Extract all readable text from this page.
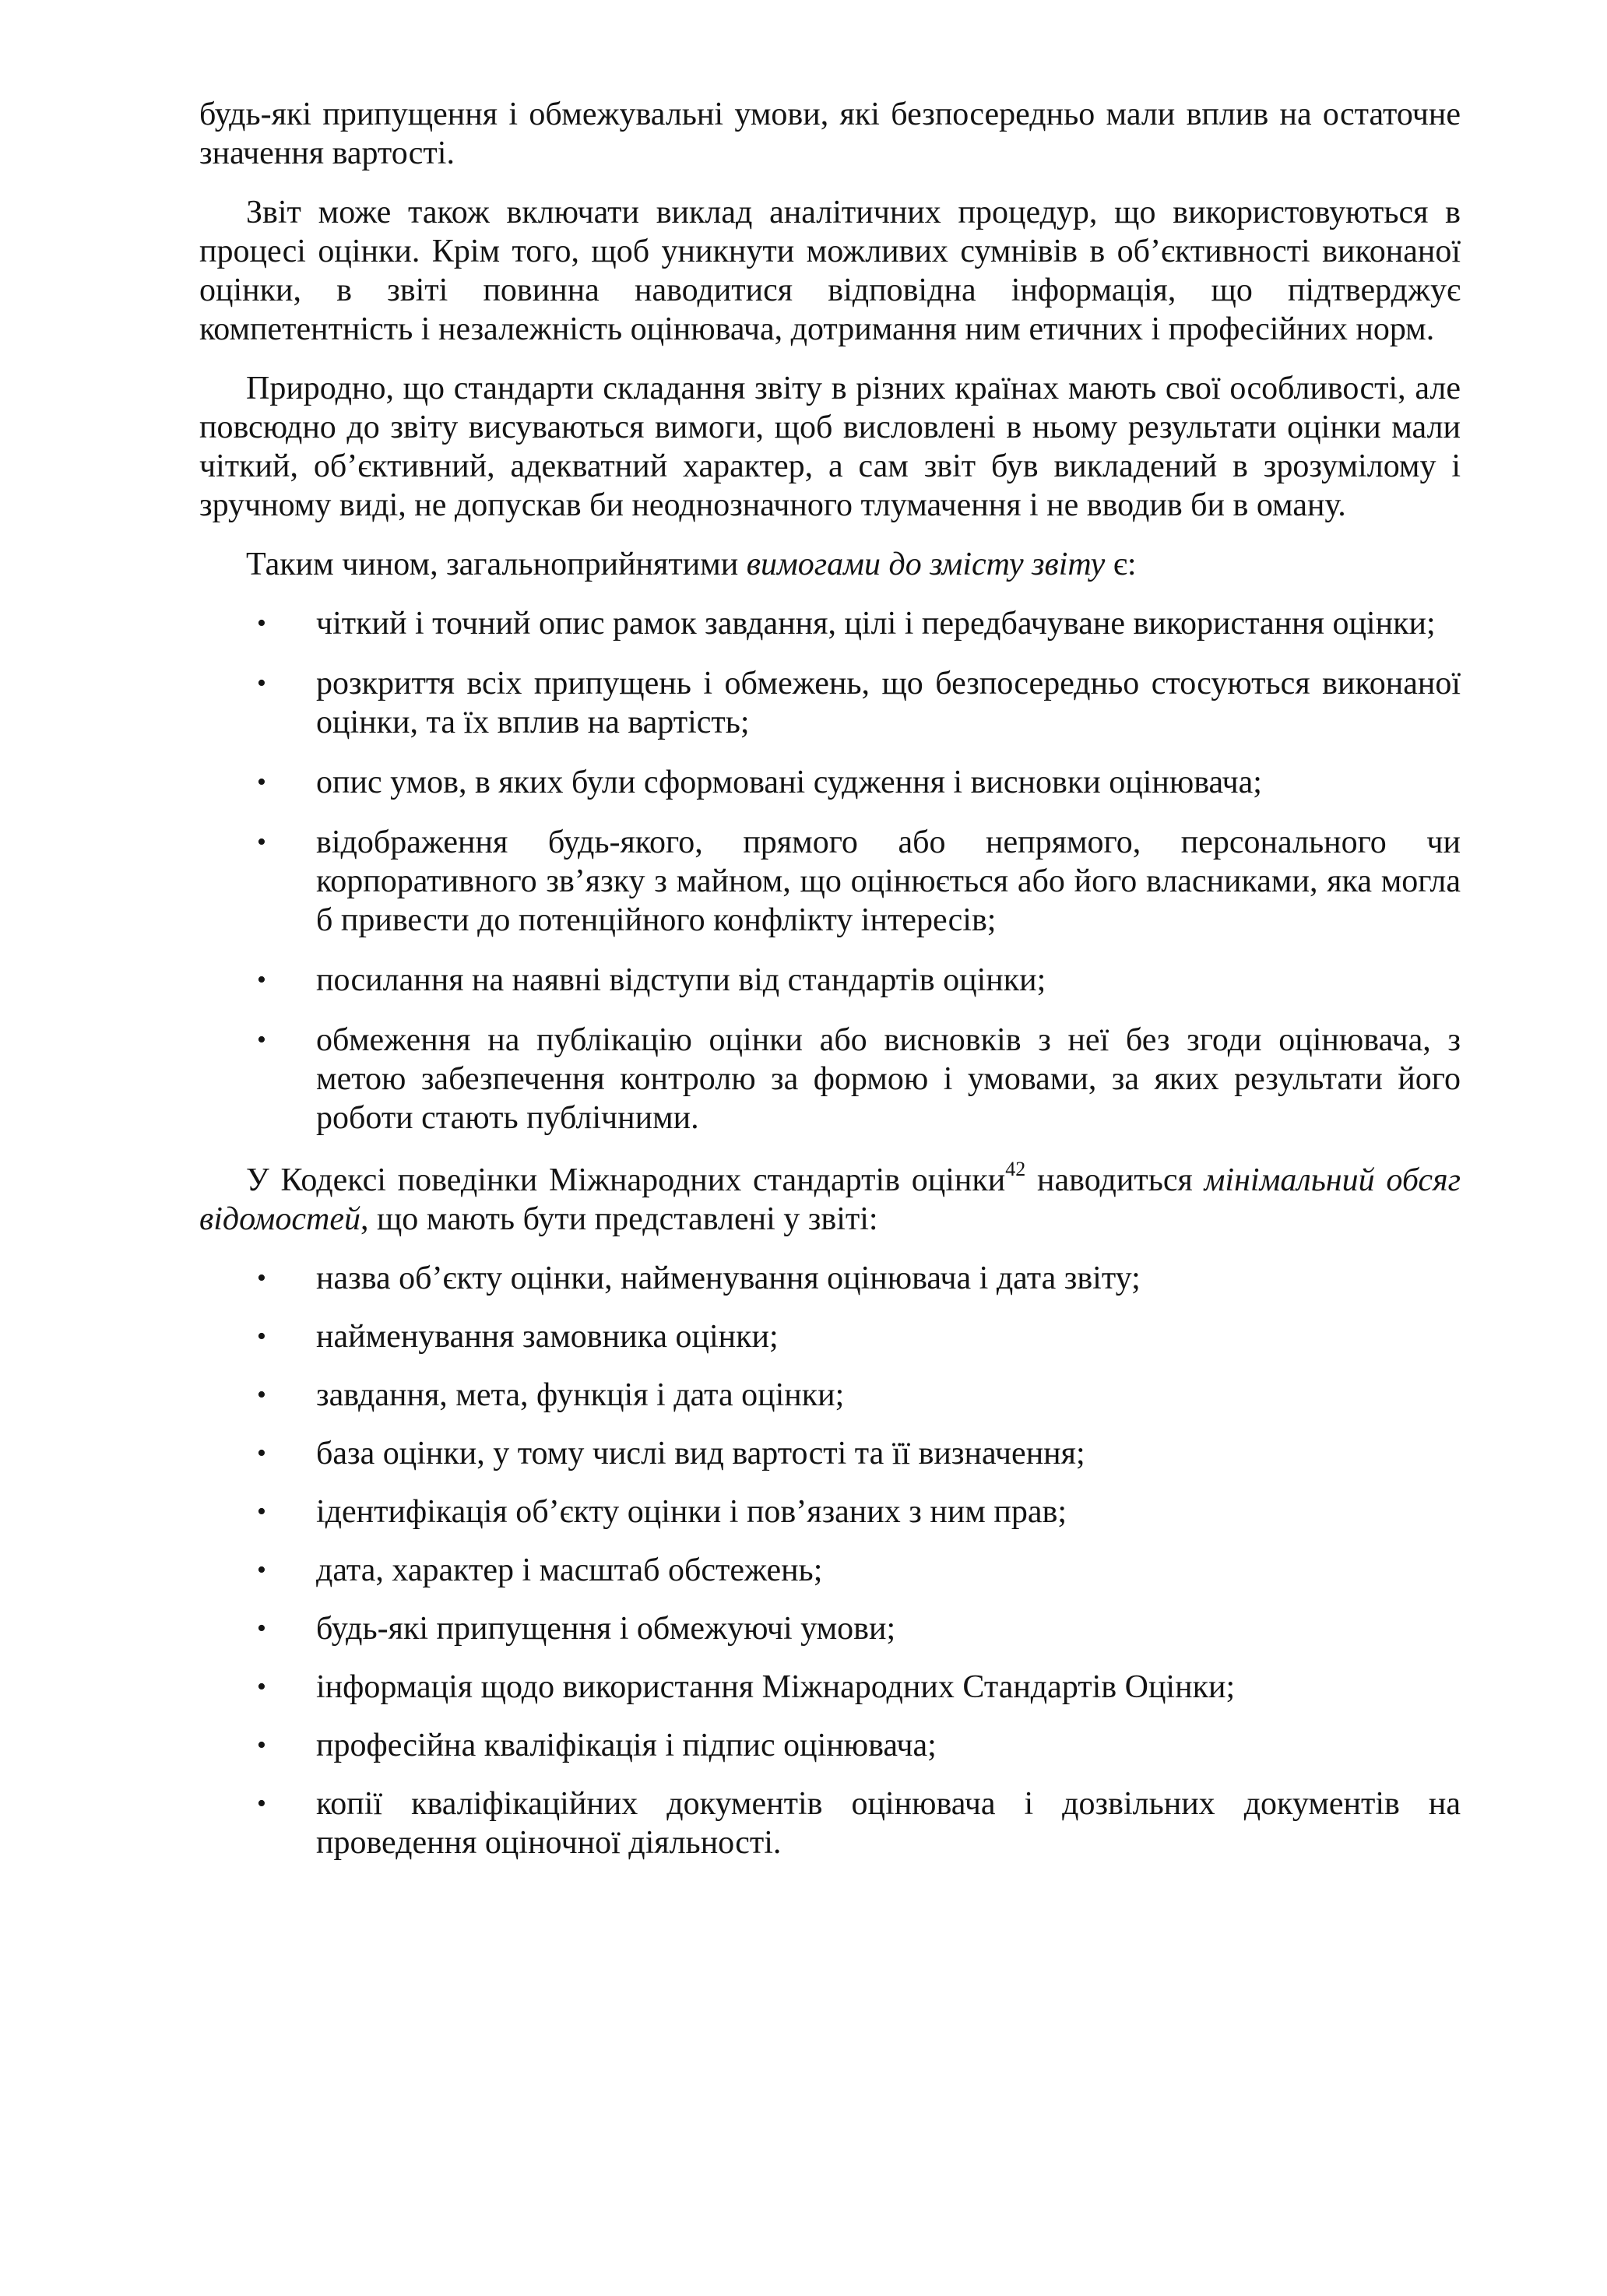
будь-які припущення і обмежувальні умови, які безпосередньо мали вплив на остаточне значення вартості.

Звіт може також включати виклад аналітичних процедур, що використовуються в процесі оцінки. Крім того, щоб уникнути можливих сумнівів в об’єктивності виконаної оцінки, в звіті повинна наводитися відповідна інформація, що підтверджує компетентність і незалежність оцінювача, дотримання ним етичних і професійних норм.

Природно, що стандарти складання звіту в різних країнах мають свої особливості, але повсюдно до звіту висуваються вимоги, щоб висловлені в ньому результати оцінки мали чіткий, об’єктивний, адекватний характер, а сам звіт був викладений в зрозумілому і зручному виді, не допускав би неоднозначного тлумачення і не вводив би в оману.

Таким чином, загальноприйнятими вимогами до змісту звіту є:

• чіткий і точний опис рамок завдання, цілі і передбачуване використання оцінки;
• розкриття всіх припущень і обмежень, що безпосередньо стосуються виконаної оцінки, та їх вплив на вартість;
• опис умов, в яких були сформовані судження і висновки оцінювача;
• відображення будь-якого, прямого або непрямого, персонального чи корпоративного зв’язку з майном, що оцінюється або його власниками, яка могла б привести до потенційного конфлікту інтересів;
• посилання на наявні відступи від стандартів оцінки;
• обмеження на публікацію оцінки або висновків з неї без згоди оцінювача, з метою забезпечення контролю за формою і умовами, за яких результати його роботи стають публічними.

У Кодексі поведінки Міжнародних стандартів оцінки$^{42}$ наводиться мінімальний обсяг відомостей, що мають бути представлені у звіті:

• назва об’єкту оцінки, найменування оцінювача і дата звіту;
• найменування замовника оцінки;
• завдання, мета, функція і дата оцінки;
• база оцінки, у тому числі вид вартості та її визначення;
• ідентифікація об’єкту оцінки і пов’язаних з ним прав;
• дата, характер і масштаб обстежень;
• будь-які припущення і обмежуючі умови;
• інформація щодо використання Міжнародних Стандартів Оцінки;
• професійна кваліфікація і підпис оцінювача;
• копії кваліфікаційних документів оцінювача і дозвільних документів на проведення оціночної діяльності.
